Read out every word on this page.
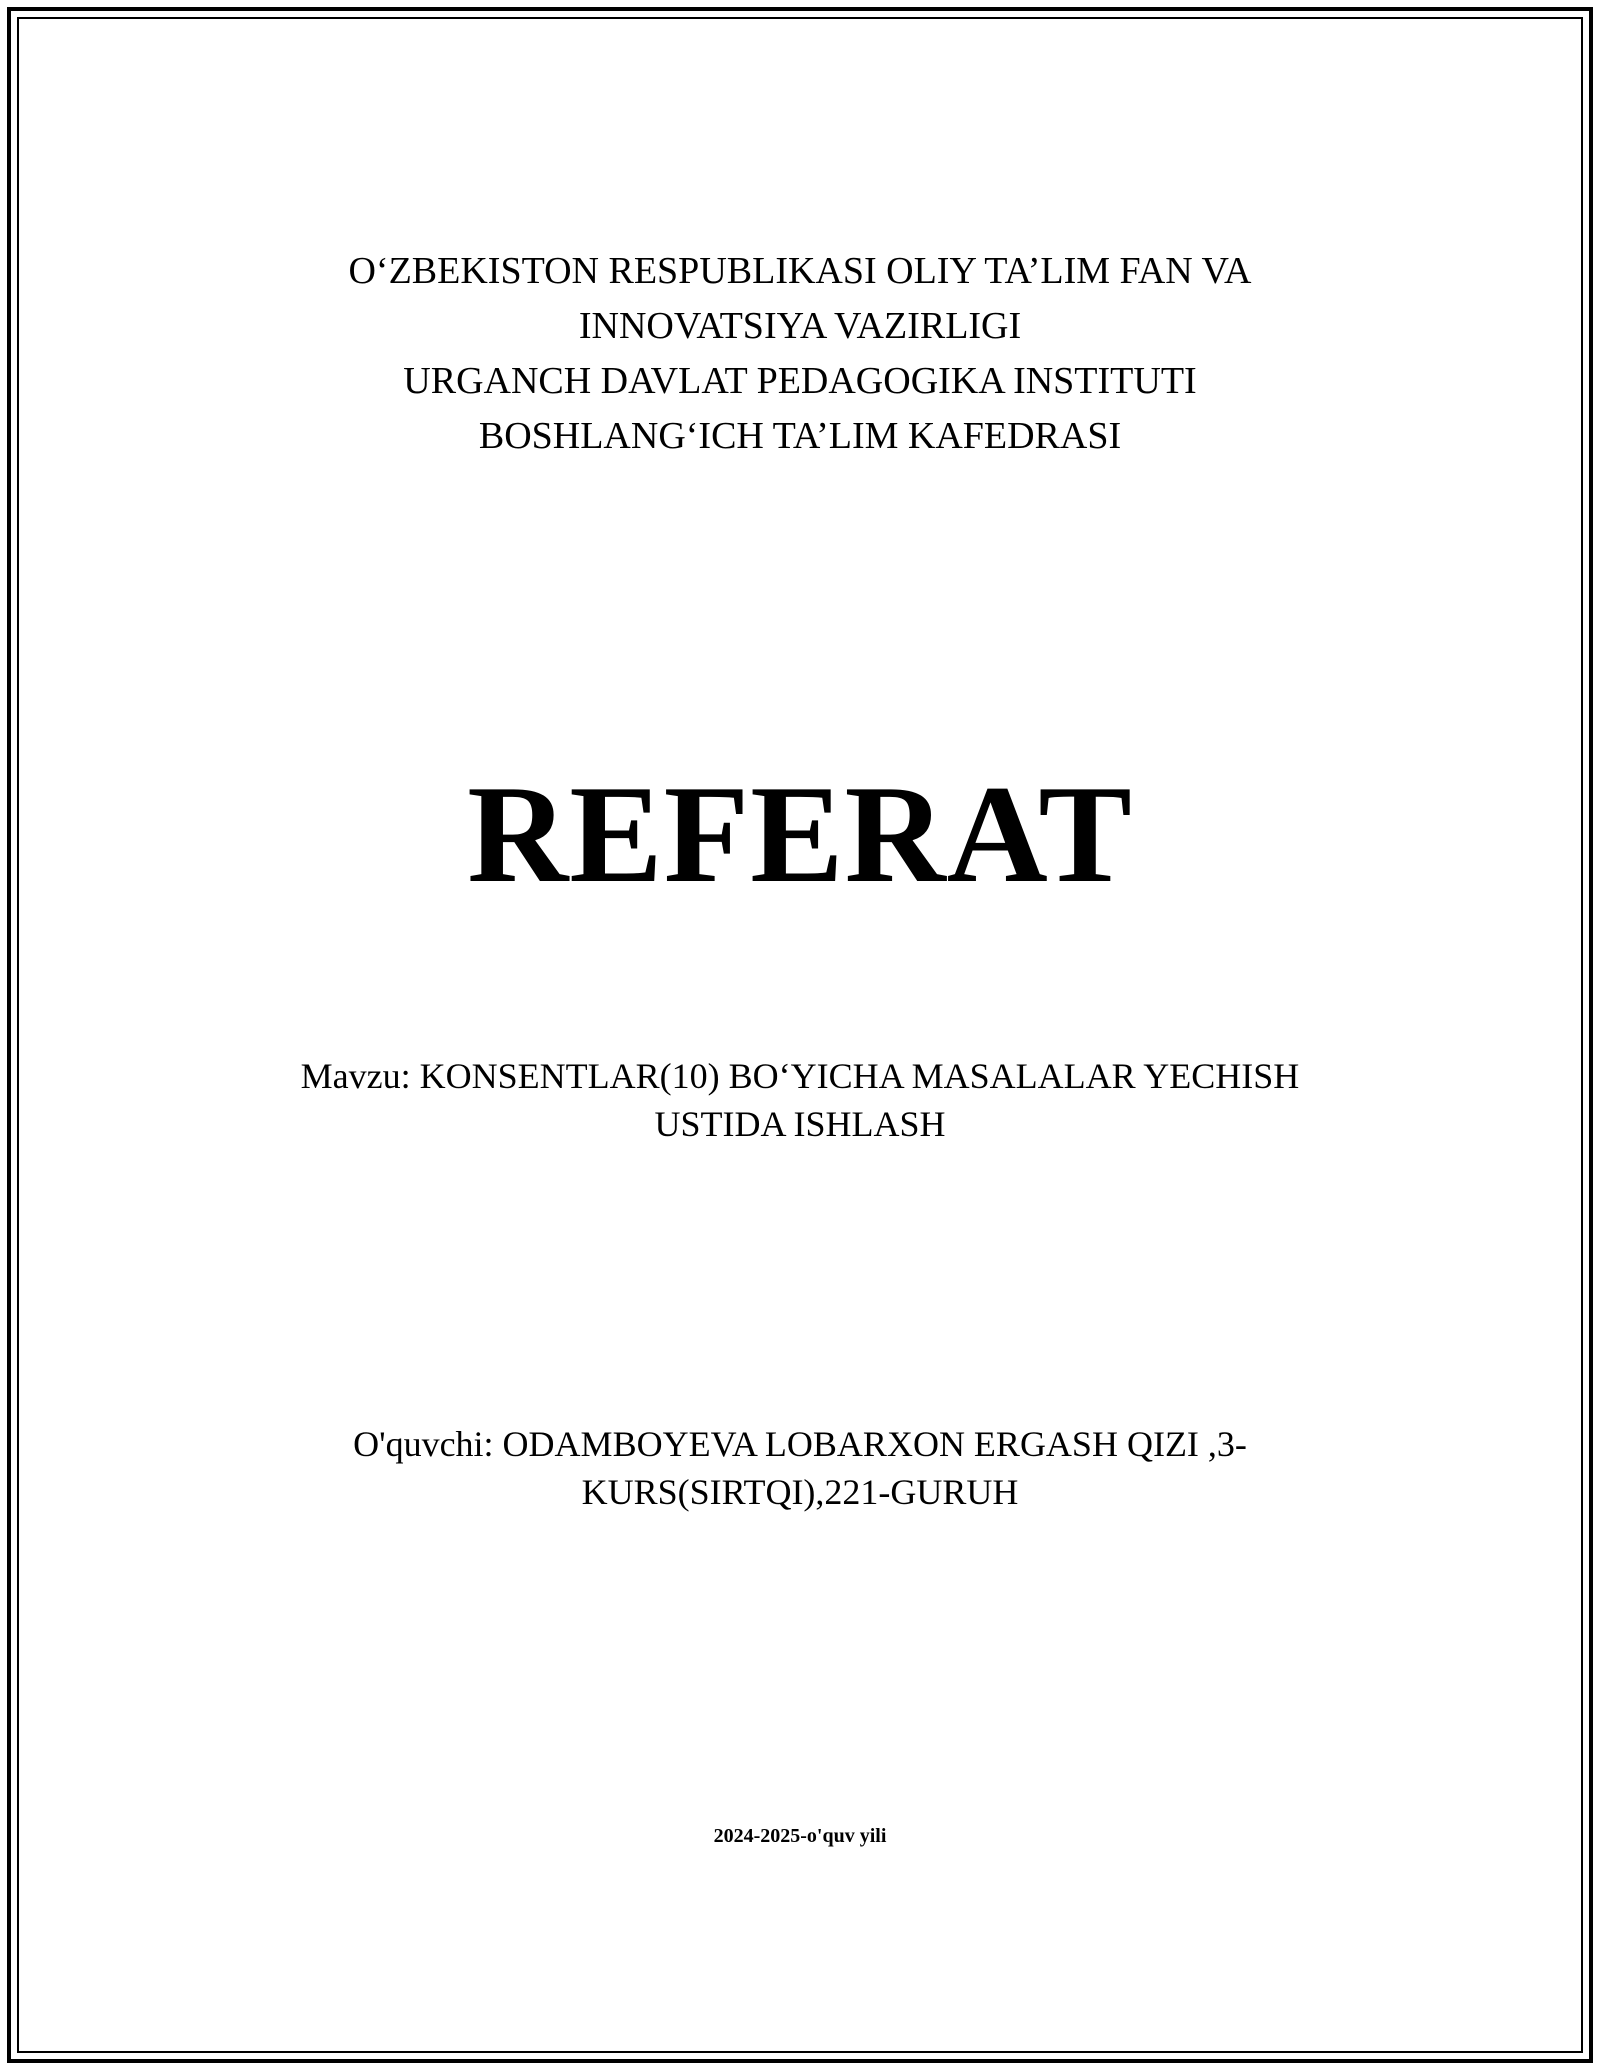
O‘ZBEKISTON RESPUBLIKASI OLIY TA’LIM FAN VA
INNOVATSIYA VAZIRLIGI
URGANCH DAVLAT PEDAGOGIKA INSTITUTI
BOSHLANG‘ICH TA’LIM KAFEDRASI
REFERAT
Mavzu: KONSENTLAR(10) BO‘YICHA MASALALAR YECHISH
USTIDA ISHLASH
O'quvchi: ODAMBOYEVA LOBARXON ERGASH QIZI ,3-
KURS(SIRTQI),221-GURUH
2024-2025-o'quv yili
